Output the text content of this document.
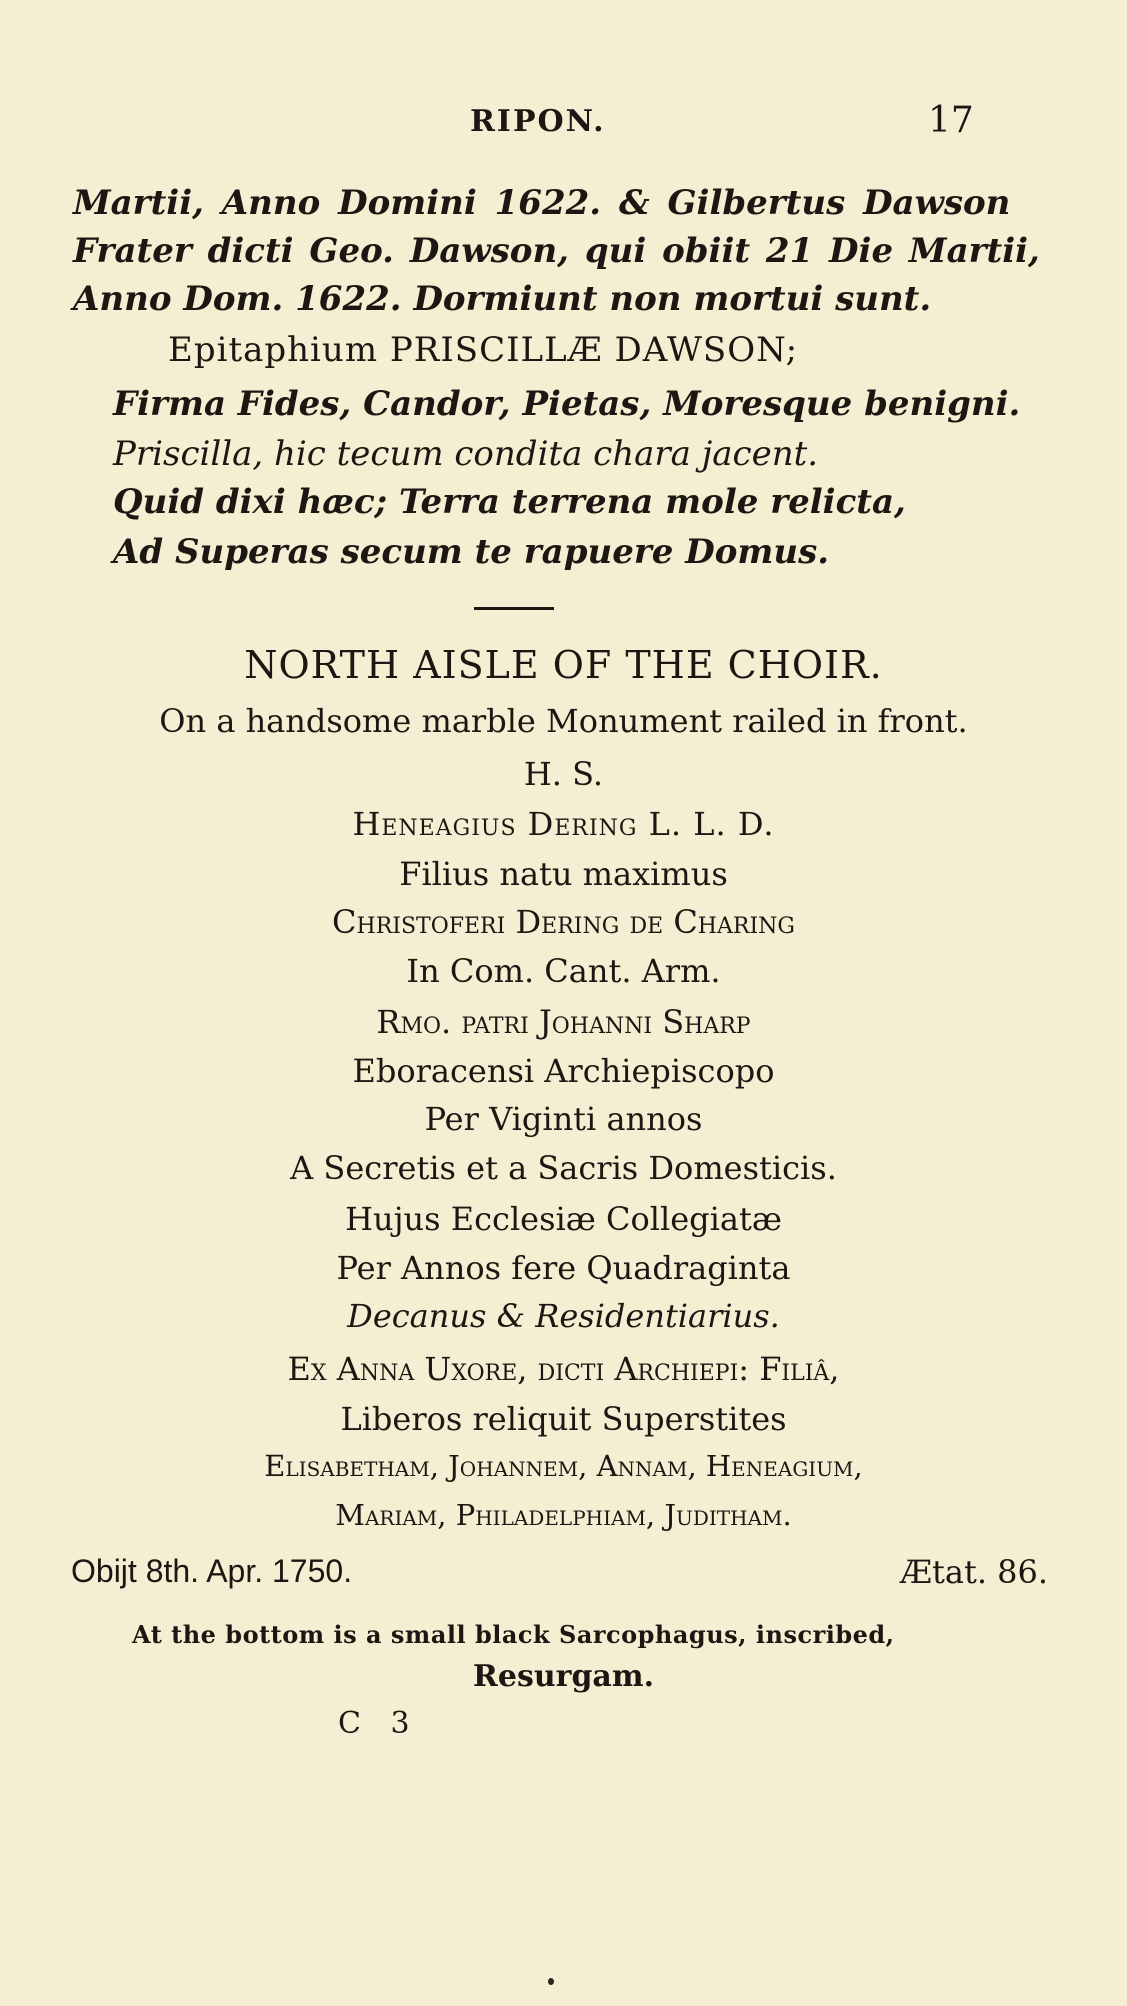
RIPON.	17
Martii, Anno Domini 1622. & Gilbertus Dawson
Frater dicti Geo. Dawson, qui obiit 21 Die Martii,
Anno Dom. 1622. Dormiunt non mortui sunt.
Epitaphium PRISCILLÆ DAWSON;
Firma Fides, Candor, Pietas, Moresque benigni.
Priscilla, hic tecum condita chara jacent.
Quid dixi hæc; Terra terrena mole relicta,
Ad Superas secum te rapuere Domus.
NORTH AISLE OF THE CHOIR.
On a handsome marble Monument railed in front.
H. S.
Heneagius Dering L. L. D.
Filius natu maximus
Christoferi Dering de Charing
In Com. Cant. Arm.
Rmo. patri Johanni Sharp
Eboracensi Archiepiscopo
Per Viginti annos
A Secretis et a Sacris Domesticis.
Hujus Ecclesiæ Collegiatæ
Per Annos fere Quadraginta
Decanus & Residentiarius.
Ex Anna Uxore, dicti Archiepi: Filiâ,
Liberos reliquit Superstites
Elisabetham, Johannem, Annam, Heneagium,
Mariam, Philadelphiam, Juditham.
Obijt 8th. Apr. 1750.	Ætat. 86.
At the bottom is a small black Sarcophagus, inscribed,
Resurgam.
C 3
